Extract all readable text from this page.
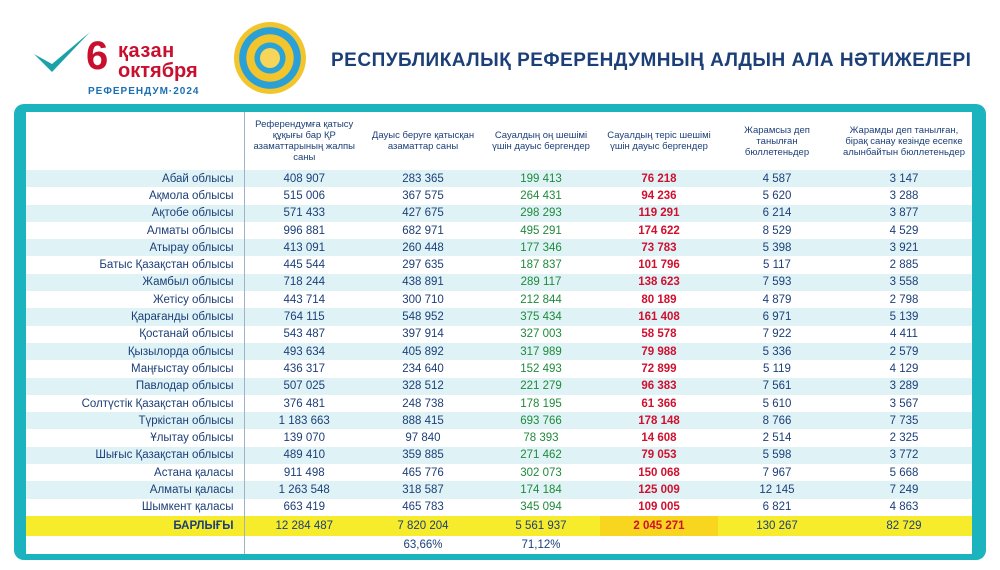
6 қазан
октября
РЕФЕРЕНДУМ·2024
РЕСПУБЛИКАЛЫҚ РЕФЕРЕНДУМНЫҢ АЛДЫН АЛА НӘТИЖЕЛЕРІ
	Референдумға қатысу құқығы бар ҚР азаматтарының жалпы саны	Дауыс беруге қатысқан азаматтар саны	Сауалдың оң шешімі үшін дауыс бергендер	Сауалдың теріс шешімі үшін дауыс бергендер	Жарамсыз деп танылған бюллетеньдер	Жарамды деп танылған, бірақ санау кезінде есепке алынбайтын бюллетеньдер
Абай облысы	408 907	283 365	199 413	76 218	4 587	3 147
Ақмола облысы	515 006	367 575	264 431	94 236	5 620	3 288
Ақтобе облысы	571 433	427 675	298 293	119 291	6 214	3 877
Алматы облысы	996 881	682 971	495 291	174 622	8 529	4 529
Атырау облысы	413 091	260 448	177 346	73 783	5 398	3 921
Батыс Қазақстан облысы	445 544	297 635	187 837	101 796	5 117	2 885
Жамбыл облысы	718 244	438 891	289 117	138 623	7 593	3 558
Жетісу облысы	443 714	300 710	212 844	80 189	4 879	2 798
Қарағанды облысы	764 115	548 952	375 434	161 408	6 971	5 139
Қостанай облысы	543 487	397 914	327 003	58 578	7 922	4 411
Қызылорда облысы	493 634	405 892	317 989	79 988	5 336	2 579
Маңғыстау облысы	436 317	234 640	152 493	72 899	5 119	4 129
Павлодар облысы	507 025	328 512	221 279	96 383	7 561	3 289
Солтүстік Қазақстан облысы	376 481	248 738	178 195	61 366	5 610	3 567
Түркістан облысы	1 183 663	888 415	693 766	178 148	8 766	7 735
Ұлытау облысы	139 070	97 840	78 393	14 608	2 514	2 325
Шығыс Қазақстан облысы	489 410	359 885	271 462	79 053	5 598	3 772
Астана қаласы	911 498	465 776	302 073	150 068	7 967	5 668
Алматы қаласы	1 263 548	318 587	174 184	125 009	12 145	7 249
Шымкент қаласы	663 419	465 783	345 094	109 005	6 821	4 863
БАРЛЫҒЫ	12 284 487	7 820 204	5 561 937	2 045 271	130 267	82 729
		63,66%	71,12%			
